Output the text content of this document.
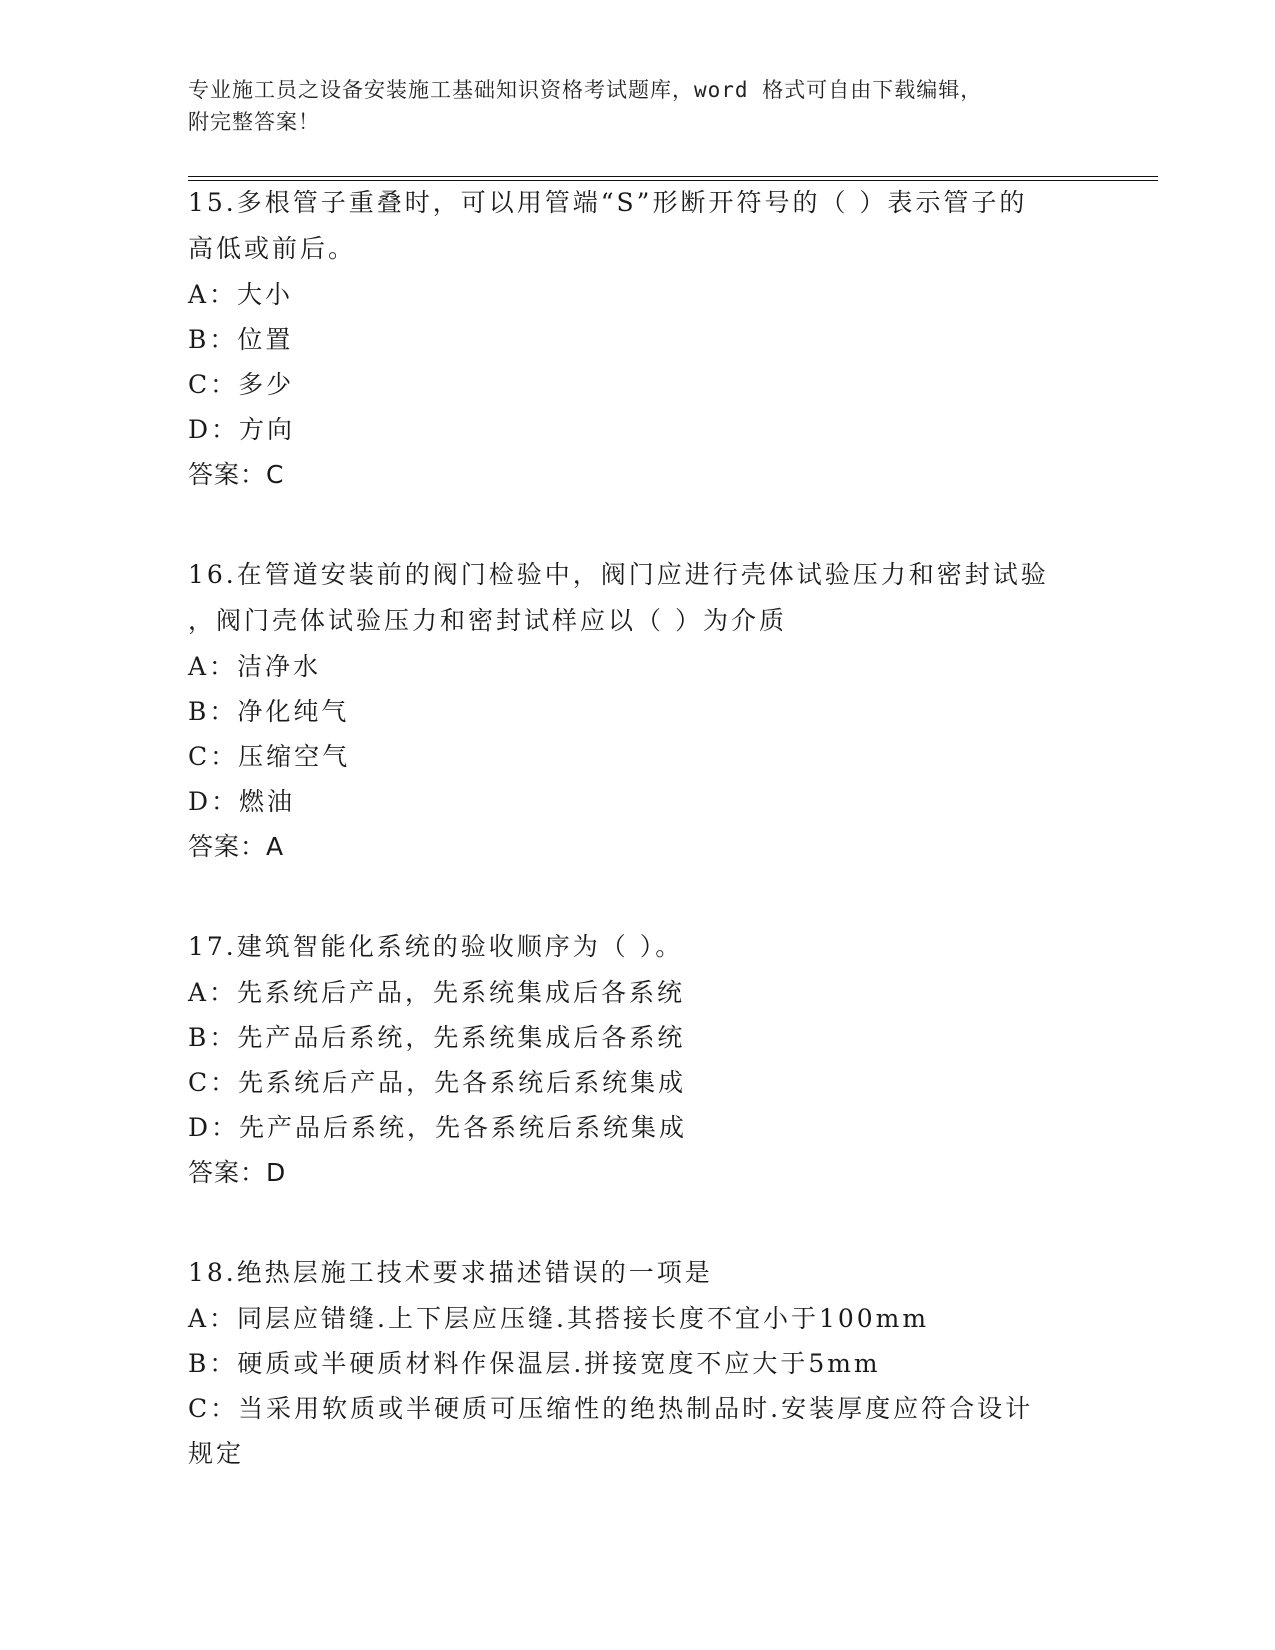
专业施工员之设备安装施工基础知识资格考试题库，word 格式可自由下载编辑，
附完整答案！
15.多根管子重叠时，可以用管端“S”形断开符号的（ ）表示管子的
高低或前后。
A：大小
B：位置
C：多少
D：方向
答案：C
16.在管道安装前的阀门检验中，阀门应进行壳体试验压力和密封试验
，阀门壳体试验压力和密封试样应以（ ）为介质
A：洁净水
B：净化纯气
C：压缩空气
D：燃油
答案：A
17.建筑智能化系统的验收顺序为（ ）。
A：先系统后产品，先系统集成后各系统
B：先产品后系统，先系统集成后各系统
C：先系统后产品，先各系统后系统集成
D：先产品后系统，先各系统后系统集成
答案：D
18.绝热层施工技术要求描述错误的一项是
A：同层应错缝.上下层应压缝.其搭接长度不宜小于100mm
B：硬质或半硬质材料作保温层.拼接宽度不应大于5mm
C：当采用软质或半硬质可压缩性的绝热制品时.安装厚度应符合设计
规定
